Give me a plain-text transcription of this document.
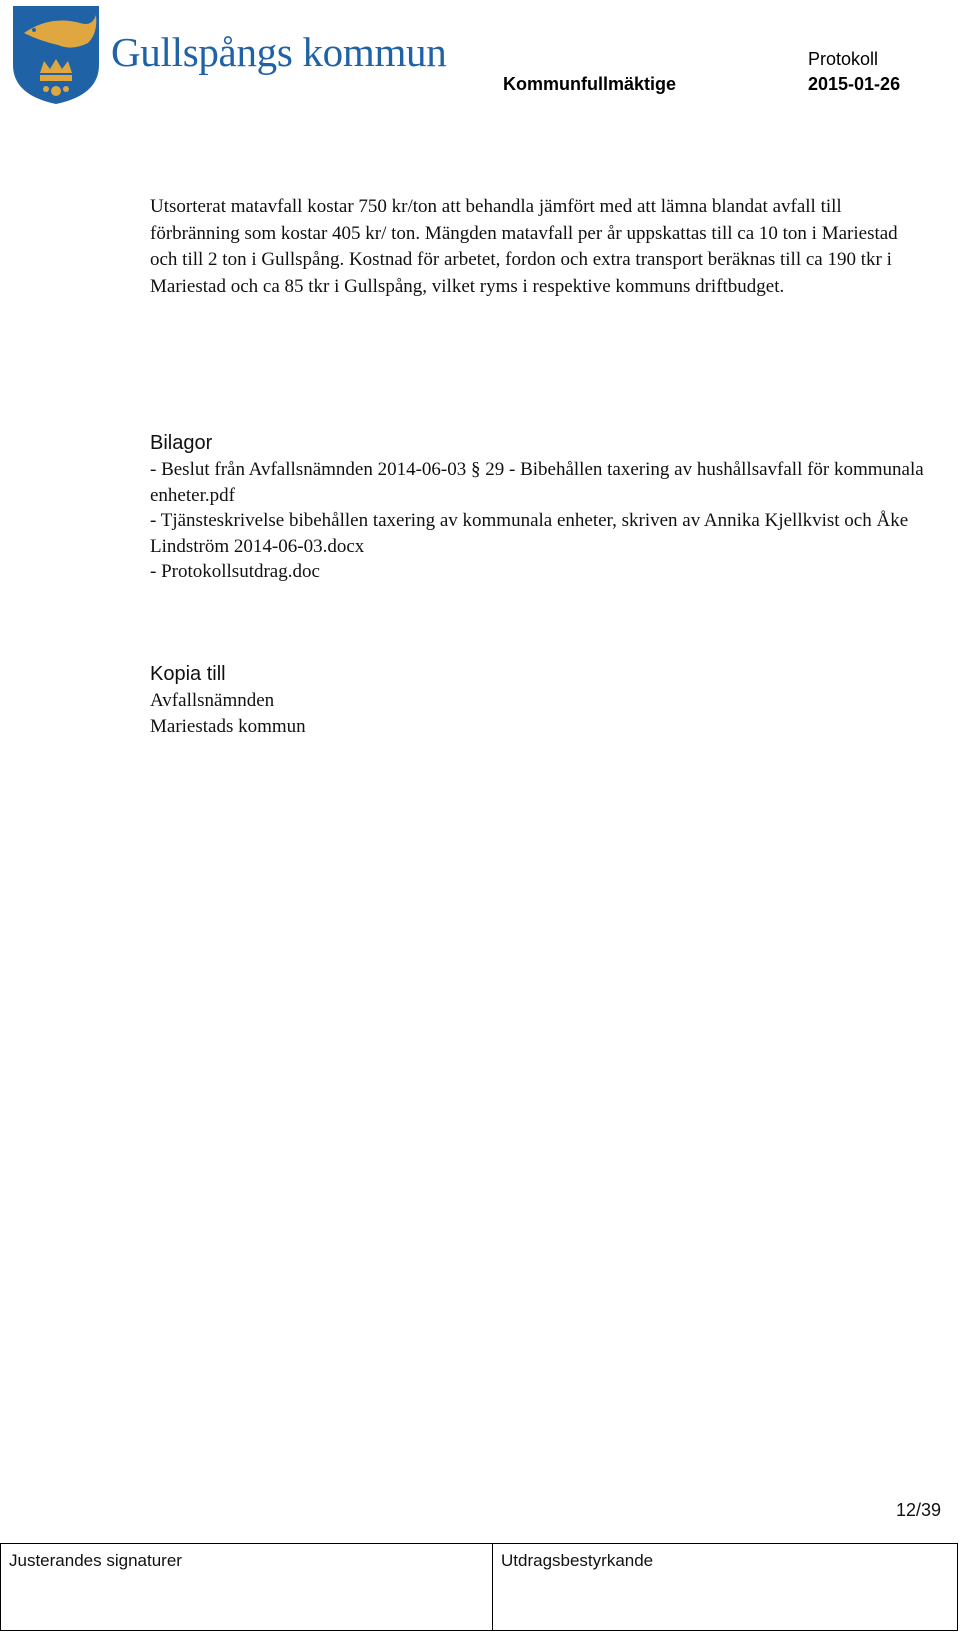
Gullspångs kommun	Protokoll
Kommunfullmäktige	2015-01-26

Utsorterat matavfall kostar 750 kr/ton att behandla jämfört med att lämna blandat avfall till förbränning som kostar 405 kr/ ton. Mängden matavfall per år uppskattas till ca 10 ton i Mariestad och till 2 ton i Gullspång. Kostnad för arbetet, fordon och extra transport beräknas till ca 190 tkr i Mariestad och ca 85 tkr i Gullspång, vilket ryms i respektive kommuns driftbudget.

Bilagor
- Beslut från Avfallsnämnden 2014-06-03 § 29 - Bibehållen taxering av hushållsavfall för kommunala enheter.pdf
- Tjänsteskrivelse bibehållen taxering av kommunala enheter, skriven av Annika Kjellkvist och Åke Lindström 2014-06-03.docx
- Protokollsutdrag.doc
Kopia till
Avfallsnämnden
Mariestads kommun
12/39
Justerandes signaturer	Utdragsbestyrkande
